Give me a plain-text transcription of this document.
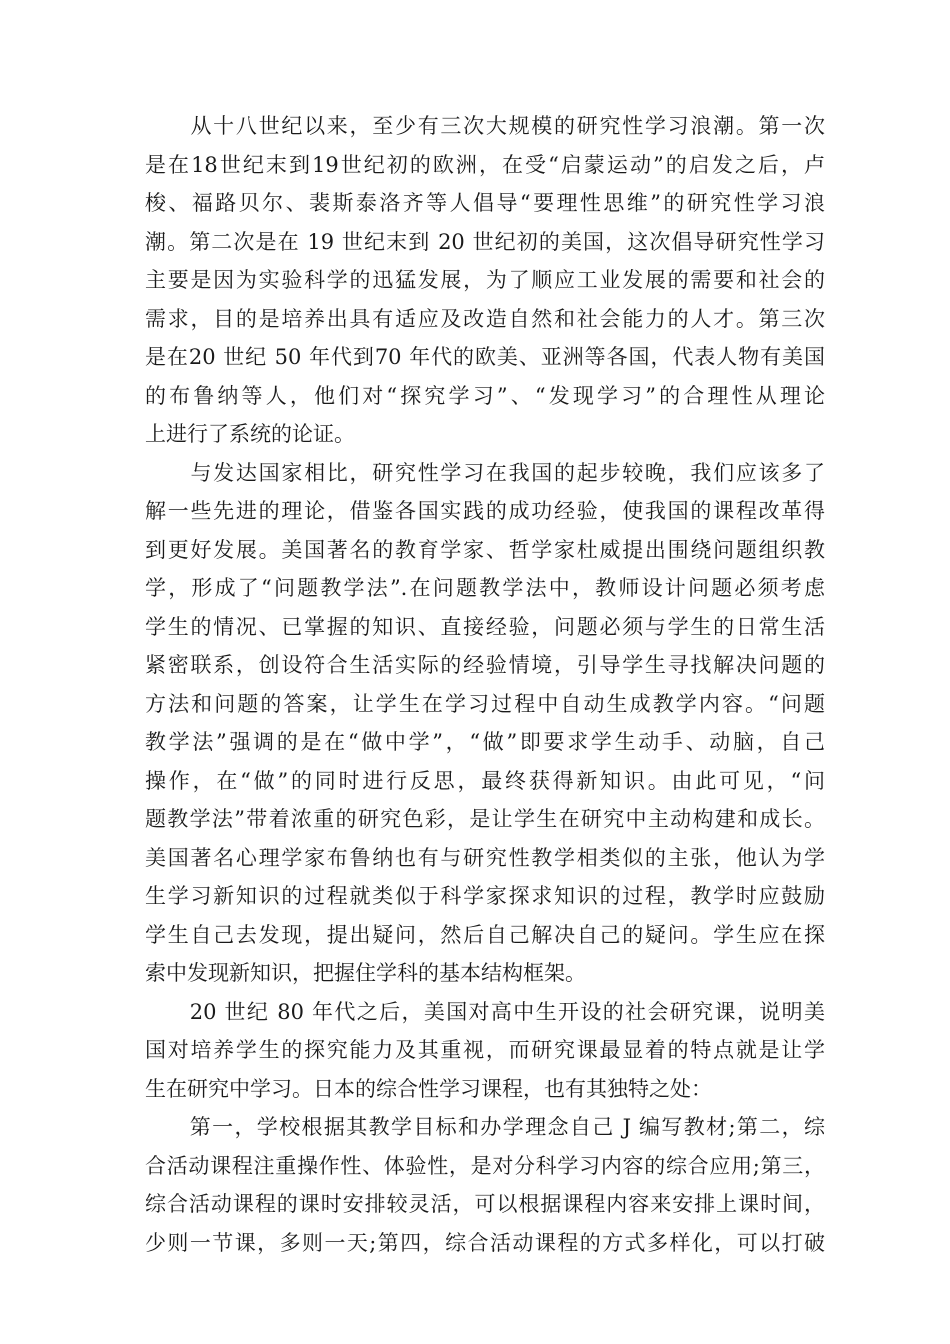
　　从十八世纪以来，至少有三次大规模的研究性学习浪潮。第一次
是在18世纪末到19世纪初的欧洲，在受“启蒙运动”的启发之后，卢
梭、福路贝尔、裴斯泰洛齐等人倡导“要理性思维”的研究性学习浪
潮。第二次是在 19 世纪末到 20 世纪初的美国，这次倡导研究性学习
主要是因为实验科学的迅猛发展，为了顺应工业发展的需要和社会的
需求，目的是培养出具有适应及改造自然和社会能力的人才。第三次
是在20 世纪 50 年代到70 年代的欧美、亚洲等各国，代表人物有美国
的布鲁纳等人，他们对“探究学习”、“发现学习”的合理性从理论
上进行了系统的论证。
　　与发达国家相比，研究性学习在我国的起步较晚，我们应该多了
解一些先进的理论，借鉴各国实践的成功经验，使我国的课程改革得
到更好发展。美国著名的教育学家、哲学家杜威提出围绕问题组织教
学，形成了“问题教学法”.在问题教学法中，教师设计问题必须考虑
学生的情况、已掌握的知识、直接经验，问题必须与学生的日常生活
紧密联系，创设符合生活实际的经验情境，引导学生寻找解决问题的
方法和问题的答案，让学生在学习过程中自动生成教学内容。“问题
教学法”强调的是在“做中学”，“做”即要求学生动手、动脑，自己
操作，在“做”的同时进行反思，最终获得新知识。由此可见，“问
题教学法”带着浓重的研究色彩，是让学生在研究中主动构建和成长。
美国著名心理学家布鲁纳也有与研究性教学相类似的主张，他认为学
生学习新知识的过程就类似于科学家探求知识的过程，教学时应鼓励
学生自己去发现，提出疑问，然后自己解决自己的疑问。学生应在探
索中发现新知识，把握住学科的基本结构框架。
　　20 世纪 80 年代之后，美国对高中生开设的社会研究课，说明美
国对培养学生的探究能力及其重视，而研究课最显着的特点就是让学
生在研究中学习。日本的综合性学习课程，也有其独特之处：
　　第一，学校根据其教学目标和办学理念自己 J 编写教材;第二，综
合活动课程注重操作性、体验性，是对分科学习内容的综合应用;第三，
综合活动课程的课时安排较灵活，可以根据课程内容来安排上课时间，
少则一节课，多则一天;第四，综合活动课程的方式多样化，可以打破
